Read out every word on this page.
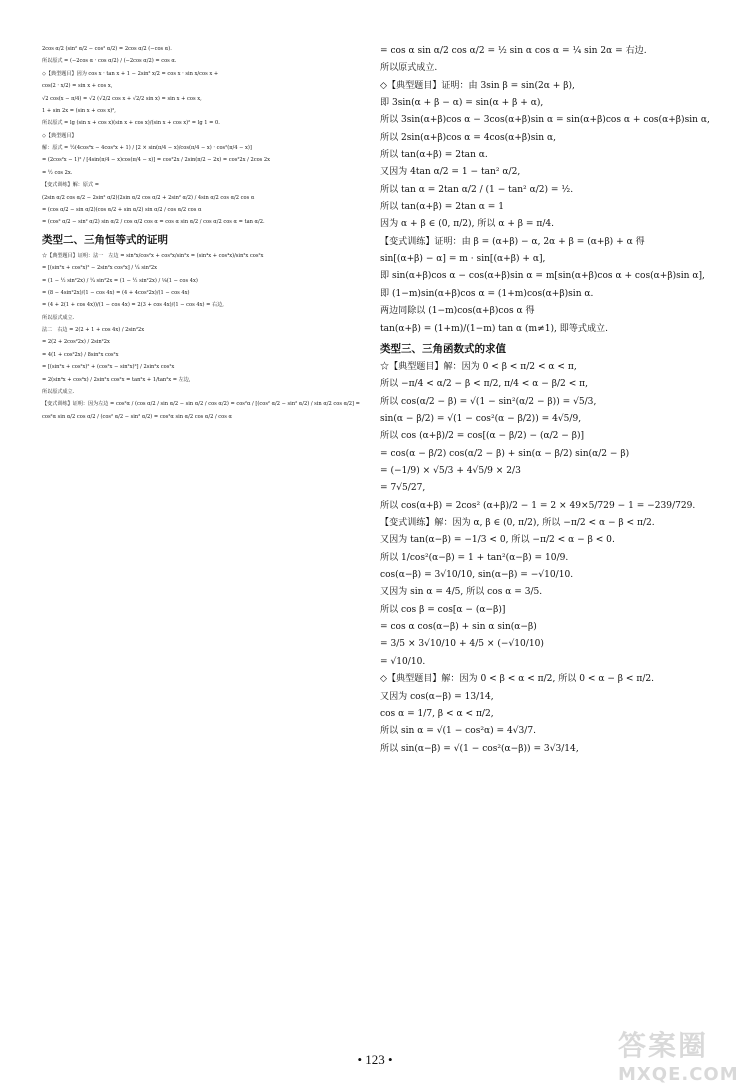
2cos α/2 (sin² α/2 − cos² α/2) = 2cos α/2 (−cos α).
所以原式 = (−2cos α · cos α/2) / (−2cos α/2) = cos α.
◇【典型题目】因为 cos x · tan x + 1 − 2sin² x/2 = cos x · sin x/cos x +
cos(2 · x/2) = sin x + cos x,
√2 cos(x − π/4) = √2 (√2/2 cos x + √2/2 sin x) = sin x + cos x,
1 + sin 2x = (sin x + cos x)²,
所以原式 = lg (sin x + cos x)(sin x + cos x)/(sin x + cos x)² = lg 1 = 0.
◇【典型题目】
解：原式 = ½(4cos⁴x − 4cos²x + 1) / [2 × sin(π/4 − x)/cos(π/4 − x) · cos²(π/4 − x)]
= (2cos²x − 1)² / [4sin(π/4 − x)cos(π/4 − x)] = cos²2x / 2sin(π/2 − 2x) = cos²2x / 2cos 2x
= ½ cos 2x.
【变式训练】解：原式 =
(2sin α/2 cos α/2 − 2sin² α/2)(2sin α/2 cos α/2 + 2sin² α/2) / 4sin α/2 cos α/2 cos α
= (cos α/2 − sin α/2)(cos α/2 + sin α/2) sin α/2 / cos α/2 cos α
= (cos² α/2 − sin² α/2) sin α/2 / cos α/2 cos α = cos α sin α/2 / cos α/2 cos α = tan α/2.
类型二、三角恒等式的证明
☆【典型题目】证明：法一　左边 = sin²x/cos²x + cos²x/sin²x = (sin⁴x + cos⁴x)/sin²x cos²x
= [(sin²x + cos²x)² − 2sin²x cos²x] / ¼ sin²2x
= (1 − ½ sin²2x) / ¼ sin²2x = (1 − ½ sin²2x) / ⅛(1 − cos 4x)
= (8 − 4sin²2x)/(1 − cos 4x) = (4 + 4cos²2x)/(1 − cos 4x)
= (4 + 2(1 + cos 4x))/(1 − cos 4x) = 2(3 + cos 4x)/(1 − cos 4x) = 右边,
所以原式成立.
法二　右边 = 2(2 + 1 + cos 4x) / 2sin²2x
= 2(2 + 2cos²2x) / 2sin²2x
= 4(1 + cos²2x) / 8sin²x cos²x
= [(sin²x + cos²x)² + (cos²x − sin²x)²] / 2sin²x cos²x
= 2(sin⁴x + cos⁴x) / 2sin²x cos²x = tan²x + 1/tan²x = 左边,
所以原式成立.
【变式训练】证明：因为左边 = cos²α / (cos α/2 / sin α/2 − sin α/2 / cos α/2) = cos²α / [(cos² α/2 − sin² α/2) / sin α/2 cos α/2] =
cos²α sin α/2 cos α/2 / (cos² α/2 − sin² α/2) = cos²α sin α/2 cos α/2 / cos α
= cos α sin α/2 cos α/2 = ½ sin α cos α = ¼ sin 2α = 右边.
所以原式成立.
◇【典型题目】证明：由 3sin β = sin(2α + β),
即 3sin(α + β − α) = sin(α + β + α),
所以 3sin(α+β)cos α − 3cos(α+β)sin α = sin(α+β)cos α + cos(α+β)sin α,
所以 2sin(α+β)cos α = 4cos(α+β)sin α,
所以 tan(α+β) = 2tan α.
又因为 4tan α/2 = 1 − tan² α/2,
所以 tan α = 2tan α/2 / (1 − tan² α/2) = ½.
所以 tan(α+β) = 2tan α = 1
因为 α + β ∈ (0, π/2), 所以 α + β = π/4.
【变式训练】证明：由 β = (α+β) − α, 2α + β = (α+β) + α 得
sin[(α+β) − α] = m · sin[(α+β) + α],
即 sin(α+β)cos α − cos(α+β)sin α = m[sin(α+β)cos α + cos(α+β)sin α],
即 (1−m)sin(α+β)cos α = (1+m)cos(α+β)sin α.
两边同除以 (1−m)cos(α+β)cos α 得
tan(α+β) = (1+m)/(1−m) tan α (m≠1), 即等式成立.
类型三、三角函数式的求值
☆【典型题目】解：因为 0 < β < π/2 < α < π,
所以 −π/4 < α/2 − β < π/2, π/4 < α − β/2 < π,
所以 cos(α/2 − β) = √(1 − sin²(α/2 − β)) = √5/3,
sin(α − β/2) = √(1 − cos²(α − β/2)) = 4√5/9,
所以 cos (α+β)/2 = cos[(α − β/2) − (α/2 − β)]
= cos(α − β/2) cos(α/2 − β) + sin(α − β/2) sin(α/2 − β)
= (−1/9) × √5/3 + 4√5/9 × 2/3
= 7√5/27,
所以 cos(α+β) = 2cos² (α+β)/2 − 1 = 2 × 49×5/729 − 1 = −239/729.
【变式训练】解：因为 α, β ∈ (0, π/2), 所以 −π/2 < α − β < π/2.
又因为 tan(α−β) = −1/3 < 0, 所以 −π/2 < α − β < 0.
所以 1/cos²(α−β) = 1 + tan²(α−β) = 10/9.
cos(α−β) = 3√10/10, sin(α−β) = −√10/10.
又因为 sin α = 4/5, 所以 cos α = 3/5.
所以 cos β = cos[α − (α−β)]
= cos α cos(α−β) + sin α sin(α−β)
= 3/5 × 3√10/10 + 4/5 × (−√10/10)
= √10/10.
◇【典型题目】解：因为 0 < β < α < π/2, 所以 0 < α − β < π/2.
又因为 cos(α−β) = 13/14,
cos α = 1/7, β < α < π/2,
所以 sin α = √(1 − cos²α) = 4√3/7.
所以 sin(α−β) = √(1 − cos²(α−β)) = 3√3/14,
• 123 •	答案圈
MXQE.COM
